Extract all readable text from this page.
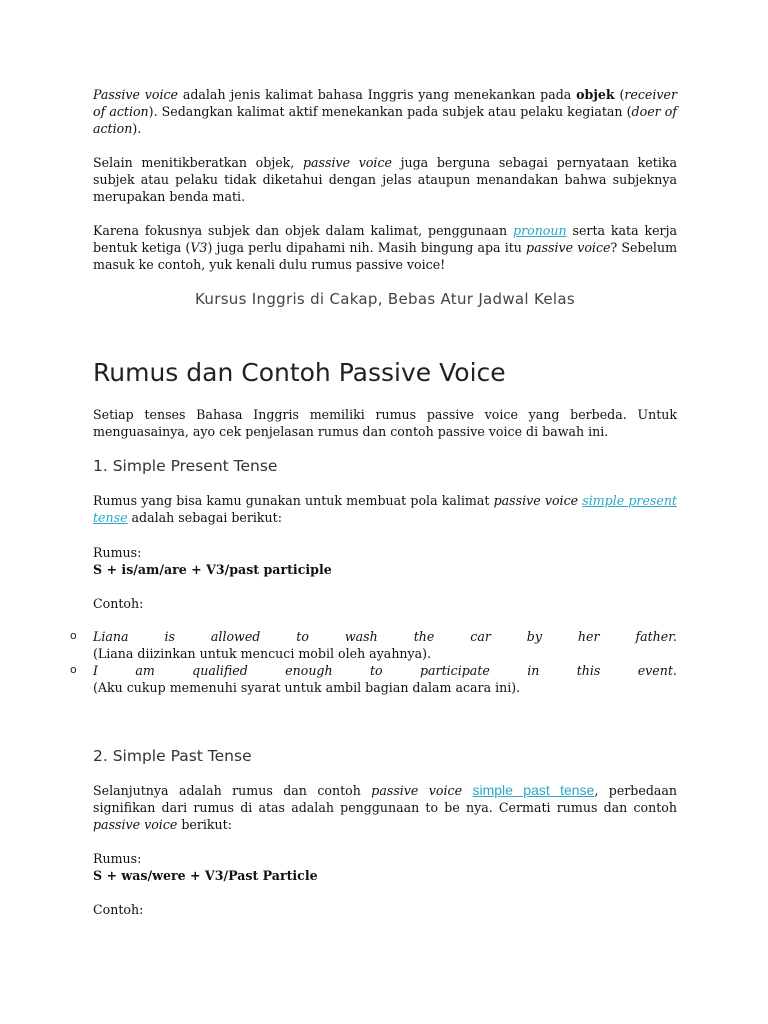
Passive voice adalah jenis kalimat bahasa Inggris yang menekankan pada objek (receiver of action). Sedangkan kalimat aktif menekankan pada subjek atau pelaku kegiatan (doer of action).

Selain menitikberatkan objek, passive voice juga berguna sebagai pernyataan ketika subjek atau pelaku tidak diketahui dengan jelas ataupun menandakan bahwa subjeknya merupakan benda mati.

Karena fokusnya subjek dan objek dalam kalimat, penggunaan pronoun serta kata kerja bentuk ketiga (V3) juga perlu dipahami nih. Masih bingung apa itu passive voice? Sebelum masuk ke contoh, yuk kenali dulu rumus passive voice!

Kursus Inggris di Cakap, Bebas Atur Jadwal Kelas

Rumus dan Contoh Passive Voice

Setiap tenses Bahasa Inggris memiliki rumus passive voice yang berbeda. Untuk menguasainya, ayo cek penjelasan rumus dan contoh passive voice di bawah ini.

1. Simple Present Tense

Rumus yang bisa kamu gunakan untuk membuat pola kalimat passive voice simple present tense adalah sebagai berikut:

Rumus:

S + is/am/are + V3/past participle

Contoh:

o Liana	is	allowed	to	wash	the	car	by	her	father.
(Liana diizinkan untuk mencuci mobil oleh ayahnya).
o I	am	qualified	enough	to	participate	in	this	event.
(Aku cukup memenuhi syarat untuk ambil bagian dalam acara ini).
2. Simple Past Tense

Selanjutnya adalah rumus dan contoh passive voice simple past tense, perbedaan signifikan dari rumus di atas adalah penggunaan to be nya. Cermati rumus dan contoh passive voice berikut:

Rumus:

S + was/were + V3/Past Particle

Contoh:
